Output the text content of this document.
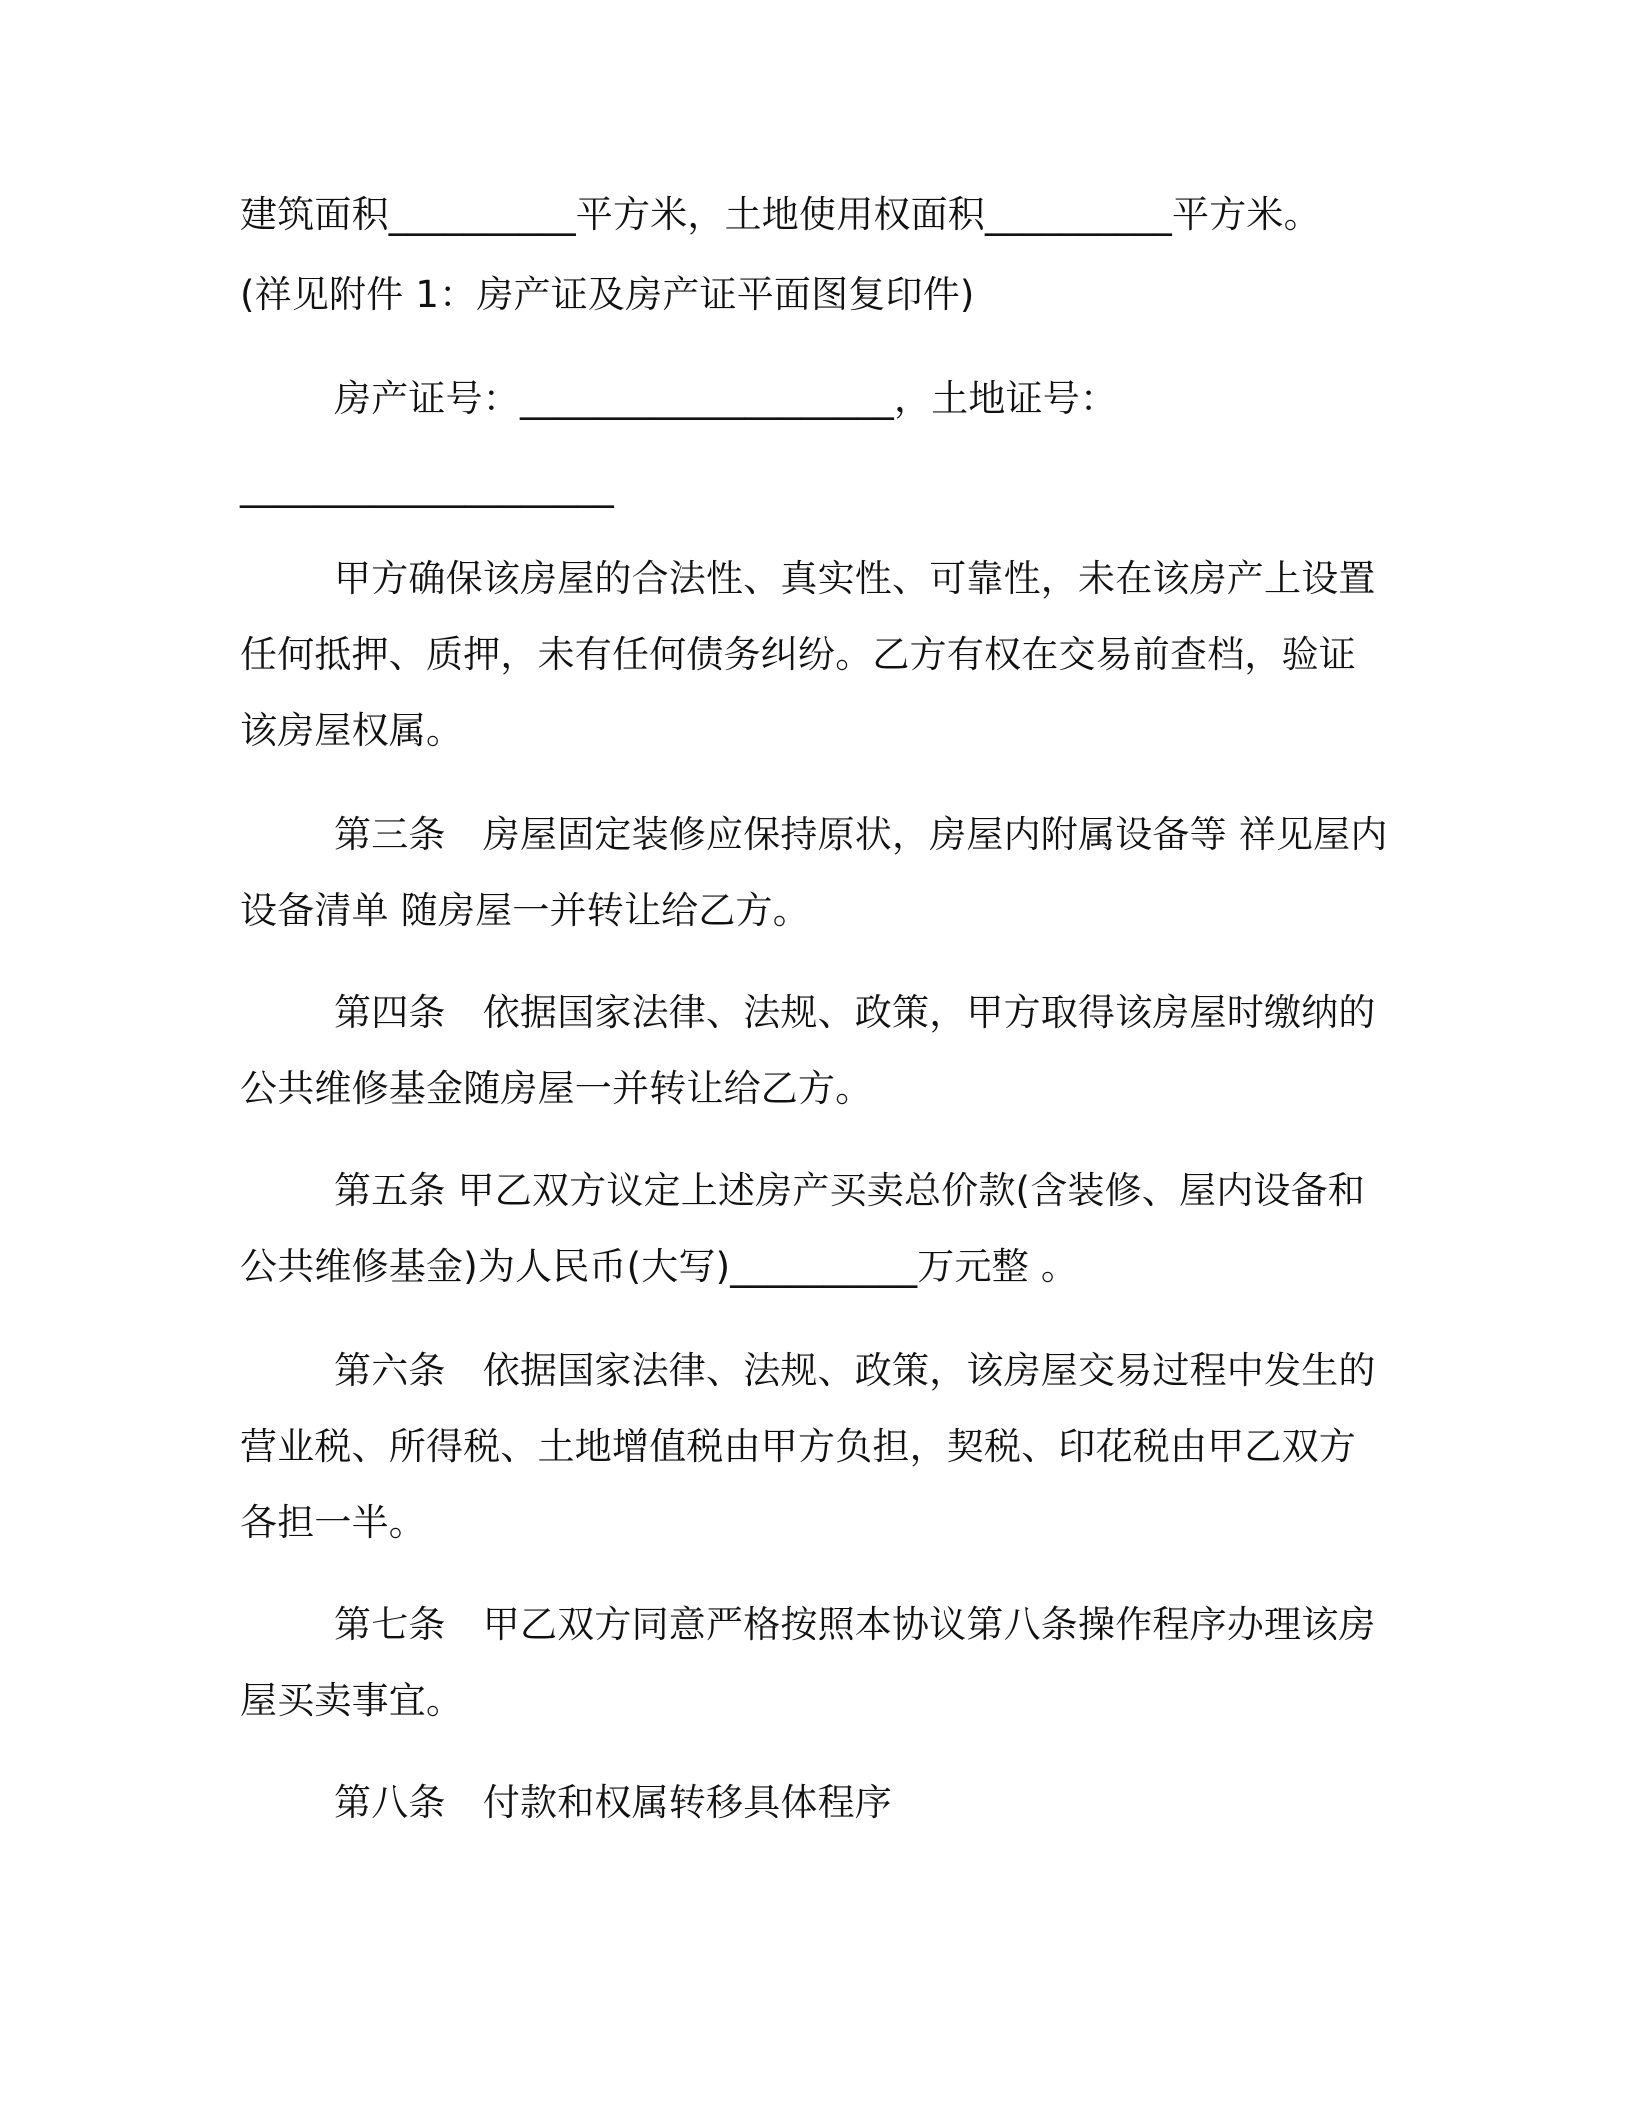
建筑面积__________平方米，土地使用权面积__________平方米。
(祥见附件 1：房产证及房产证平面图复印件)
房产证号：____________________，土地证号：
____________________
甲方确保该房屋的合法性、真实性、可靠性，未在该房产上设置
任何抵押、质押，未有任何债务纠纷。乙方有权在交易前查档，验证
该房屋权属。
第三条　房屋固定装修应保持原状，房屋内附属设备等 祥见屋内
设备清单 随房屋一并转让给乙方。
第四条　依据国家法律、法规、政策，甲方取得该房屋时缴纳的
公共维修基金随房屋一并转让给乙方。
第五条 甲乙双方议定上述房产买卖总价款(含装修、屋内设备和
公共维修基金)为人民币(大写)__________万元整 。
第六条　依据国家法律、法规、政策，该房屋交易过程中发生的
营业税、所得税、土地增值税由甲方负担，契税、印花税由甲乙双方
各担一半。
第七条　甲乙双方同意严格按照本协议第八条操作程序办理该房
屋买卖事宜。
第八条　付款和权属转移具体程序
